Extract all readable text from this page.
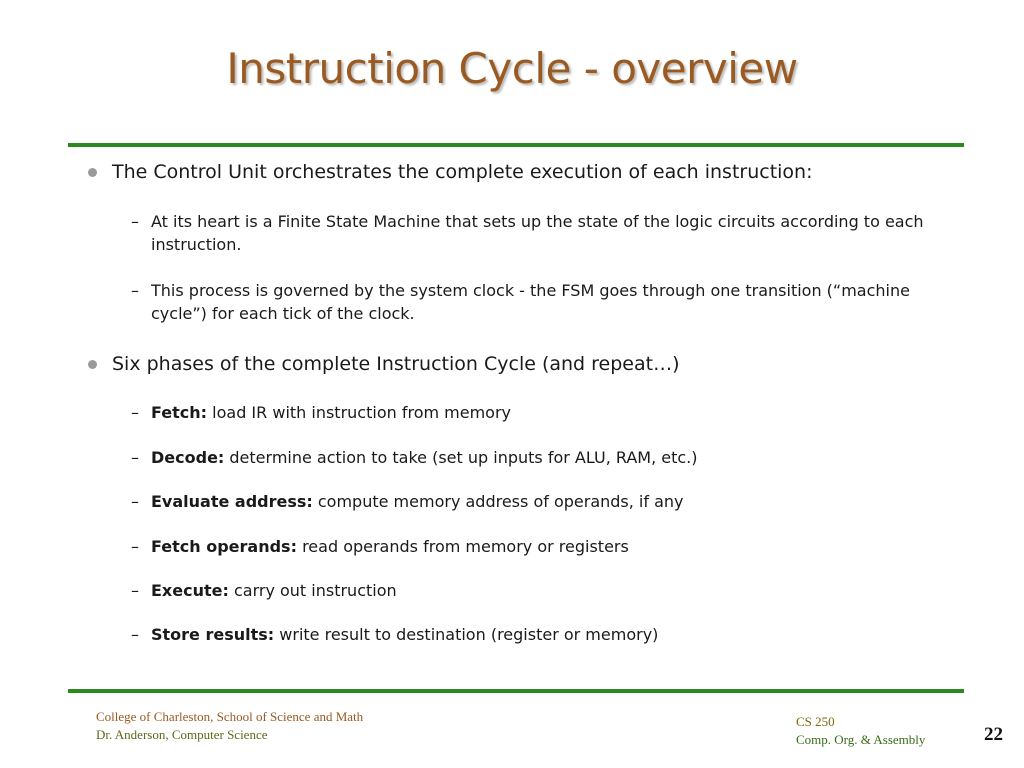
Instruction Cycle - overview
The Control Unit orchestrates the complete execution of each instruction:
– At its heart is a Finite State Machine that sets up the state of the logic circuits according to each instruction.
– This process is governed by the system clock - the FSM goes through one transition (“machine cycle”) for each tick of the clock.
Six phases of the complete Instruction Cycle (and repeat…)
– Fetch: load IR with instruction from memory
– Decode: determine action to take (set up inputs for ALU, RAM, etc.)
– Evaluate address: compute memory address of operands, if any
– Fetch operands: read operands from memory or registers
– Execute: carry out instruction
– Store results: write result to destination (register or memory)
College of Charleston, School of Science and Math
Dr. Anderson, Computer Science
CS 250
Comp. Org. & Assembly	22
